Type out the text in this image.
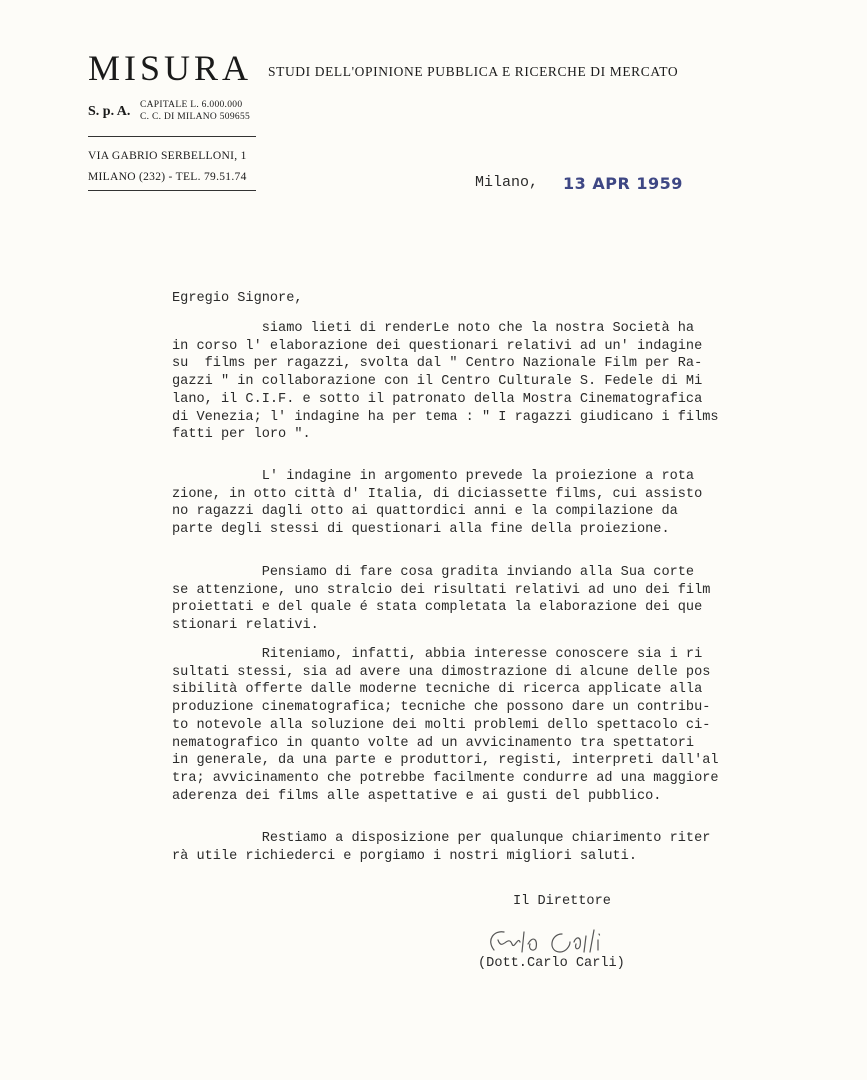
MISURA STUDI DELL'OPINIONE PUBBLICA E RICERCHE DI MERCATO
S. p. A. CAPITALE L. 6.000.000
C. C. DI MILANO 509655
VIA GABRIO SERBELLONI, 1
MILANO (232) - TEL. 79.51.74	Milano, 13 APR 1959
Egregio Signore,
siamo lieti di renderLe noto che la nostra Società ha
in corso l' elaborazione dei questionari relativi ad un' indagine
su  films per ragazzi, svolta dal " Centro Nazionale Film per Ra-
gazzi " in collaborazione con il Centro Culturale S. Fedele di Mi
lano, il C.I.F. e sotto il patronato della Mostra Cinematografica
di Venezia; l' indagine ha per tema : " I ragazzi giudicano i films
fatti per loro ".
L' indagine in argomento prevede la proiezione a rota
zione, in otto città d' Italia, di diciassette films, cui assisto
no ragazzi dagli otto ai quattordici anni e la compilazione da
parte degli stessi di questionari alla fine della proiezione.
Pensiamo di fare cosa gradita inviando alla Sua corte
se attenzione, uno stralcio dei risultati relativi ad uno dei film
proiettati e del quale é stata completata la elaborazione dei que
stionari relativi.
Riteniamo, infatti, abbia interesse conoscere sia i ri
sultati stessi, sia ad avere una dimostrazione di alcune delle pos
sibilità offerte dalle moderne tecniche di ricerca applicate alla
produzione cinematografica; tecniche che possono dare un contribu-
to notevole alla soluzione dei molti problemi dello spettacolo ci-
nematografico in quanto volte ad un avvicinamento tra spettatori
in generale, da una parte e produttori, registi, interpreti dall'al
tra; avvicinamento che potrebbe facilmente condurre ad una maggiore
aderenza dei films alle aspettative e ai gusti del pubblico.
Restiamo a disposizione per qualunque chiarimento riter
rà utile richiederci e porgiamo i nostri migliori saluti.
Il Direttore
(Dott.Carlo Carli)
